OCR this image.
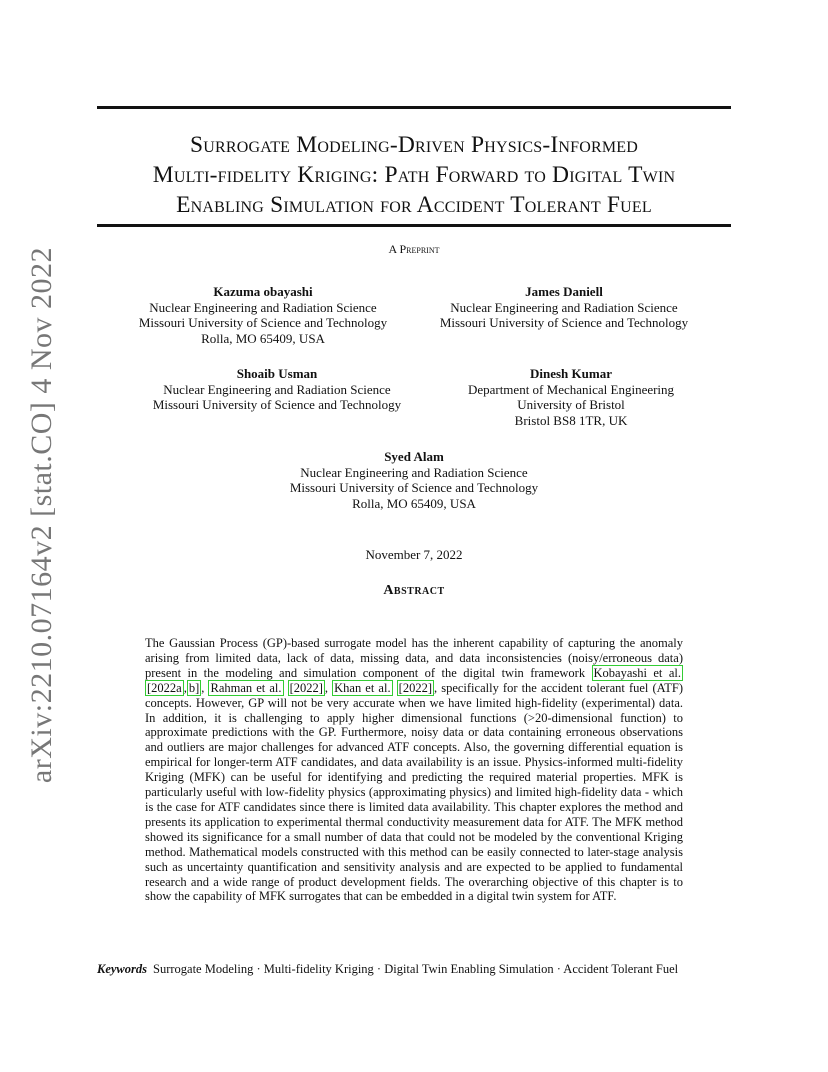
arXiv:2210.07164v2 [stat.CO] 4 Nov 2022
Surrogate Modeling-Driven Physics-Informed
Multi-fidelity Kriging: Path Forward to Digital Twin
Enabling Simulation for Accident Tolerant Fuel
A Preprint
Kazuma obayashi
Nuclear Engineering and Radiation Science
Missouri University of Science and Technology
Rolla, MO 65409, USA
James Daniell
Nuclear Engineering and Radiation Science
Missouri University of Science and Technology
Shoaib Usman
Nuclear Engineering and Radiation Science
Missouri University of Science and Technology
Dinesh Kumar
Department of Mechanical Engineering
University of Bristol
Bristol BS8 1TR, UK
Syed Alam
Nuclear Engineering and Radiation Science
Missouri University of Science and Technology
Rolla, MO 65409, USA
November 7, 2022
Abstract
The Gaussian Process (GP)-based surrogate model has the inherent capability of capturing the anomaly arising from limited data, lack of data, missing data, and data inconsistencies (noisy/erroneous data) present in the modeling and simulation component of the digital twin framework Kobayashi et al. [2022a , b] , Rahman et al. [2022] , Khan et al. [2022] , specifically for the accident tolerant fuel (ATF) concepts. However, GP will not be very accurate when we have limited high-fidelity (experimental) data. In addition, it is challenging to apply higher dimensional functions (>20-dimensional function) to approximate predictions with the GP. Furthermore, noisy data or data containing erroneous observations and outliers are major challenges for advanced ATF concepts. Also, the governing differential equation is empirical for longer-term ATF candidates, and data availability is an issue. Physics-informed multi-fidelity Kriging (MFK) can be useful for identifying and predicting the required material properties. MFK is particularly useful with low-fidelity physics (approximating physics) and limited high-fidelity data - which is the case for ATF candidates since there is limited data availability. This chapter explores the method and presents its application to experimental thermal conductivity measurement data for ATF. The MFK method showed its significance for a small number of data that could not be modeled by the conventional Kriging method. Mathematical models constructed with this method can be easily connected to later-stage analysis such as uncertainty quantification and sensitivity analysis and are expected to be applied to fundamental research and a wide range of product development fields. The overarching objective of this chapter is to show the capability of MFK surrogates that can be embedded in a digital twin system for ATF.
Keywords Surrogate Modeling · Multi-fidelity Kriging · Digital Twin Enabling Simulation · Accident Tolerant Fuel
